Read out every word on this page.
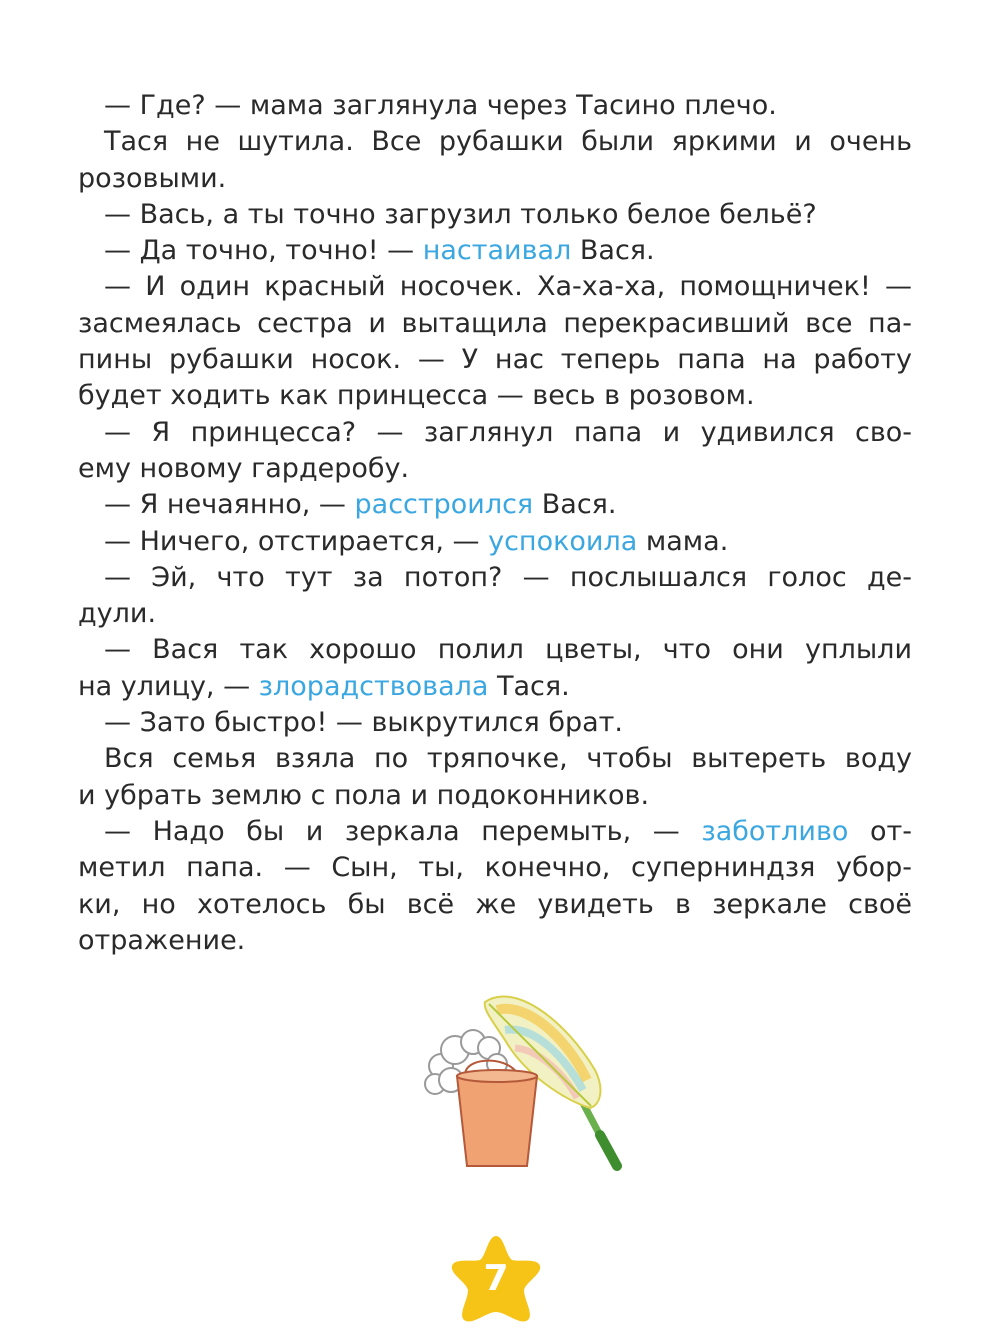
— Где? — мама заглянула через Тасино плечо.
Тася не шутила. Все рубашки были яркими и очень
розовыми.
— Вась, а ты точно загрузил только белое бельё?
— Да точно, точно! — настаивал Вася.
— И один красный носочек. Ха-ха-ха, помощничек! —
засмеялась сестра и вытащила перекрасивший все па-
пины рубашки носок. — У нас теперь папа на работу
будет ходить как принцесса — весь в розовом.
— Я принцесса? — заглянул папа и удивился сво-
ему новому гардеробу.
— Я нечаянно, — расстроился Вася.
— Ничего, отстирается, — успокоила мама.
— Эй, что тут за потоп? — послышался голос де-
дули.
— Вася так хорошо полил цветы, что они уплыли
на улицу, — злорадствовала Тася.
— Зато быстро! — выкрутился брат.
Вся семья взяла по тряпочке, чтобы вытереть воду
и убрать землю с пола и подоконников.
— Надо бы и зеркала перемыть, — заботливо от-
метил папа. — Сын, ты, конечно, суперниндзя убор-
ки, но хотелось бы всё же увидеть в зеркале своё
отражение.
7
